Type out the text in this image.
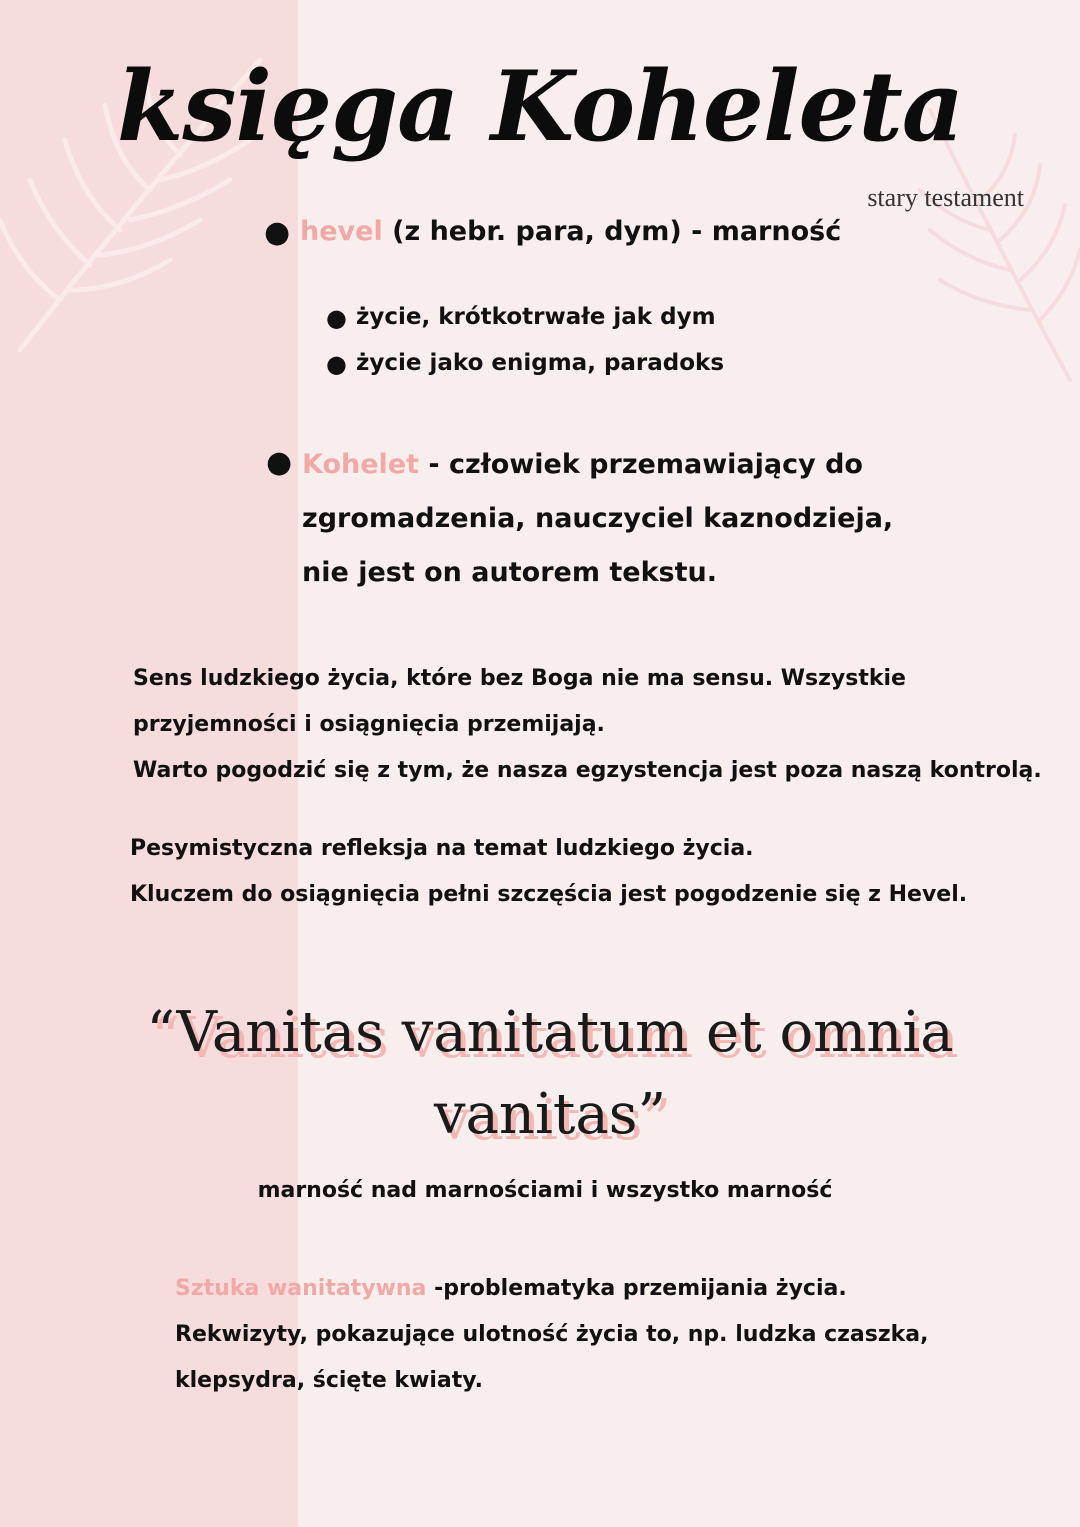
księga Koheleta
stary testament
● hevel (z hebr. para, dym) - marność
● życie, krótkotrwałe jak dym
● życie jako enigma, paradoks
● Kohelet - człowiek przemawiający do zgromadzenia, nauczyciel kaznodzieja, nie jest on autorem tekstu.
Sens ludzkiego życia, które bez Boga nie ma sensu. Wszystkie
przyjemności i osiągnięcia przemijają.
Warto pogodzić się z tym, że nasza egzystencja jest poza naszą kontrolą.
Pesymistyczna refleksja na temat ludzkiego życia.
Kluczem do osiągnięcia pełni szczęścia jest pogodzenie się z Hevel.
“Vanitas vanitatum et omnia
vanitas”
marność nad marnościami i wszystko marność
Sztuka wanitatywna -problematyka przemijania życia.
Rekwizyty, pokazujące ulotność życia to, np. ludzka czaszka,
klepsydra, ścięte kwiaty.
